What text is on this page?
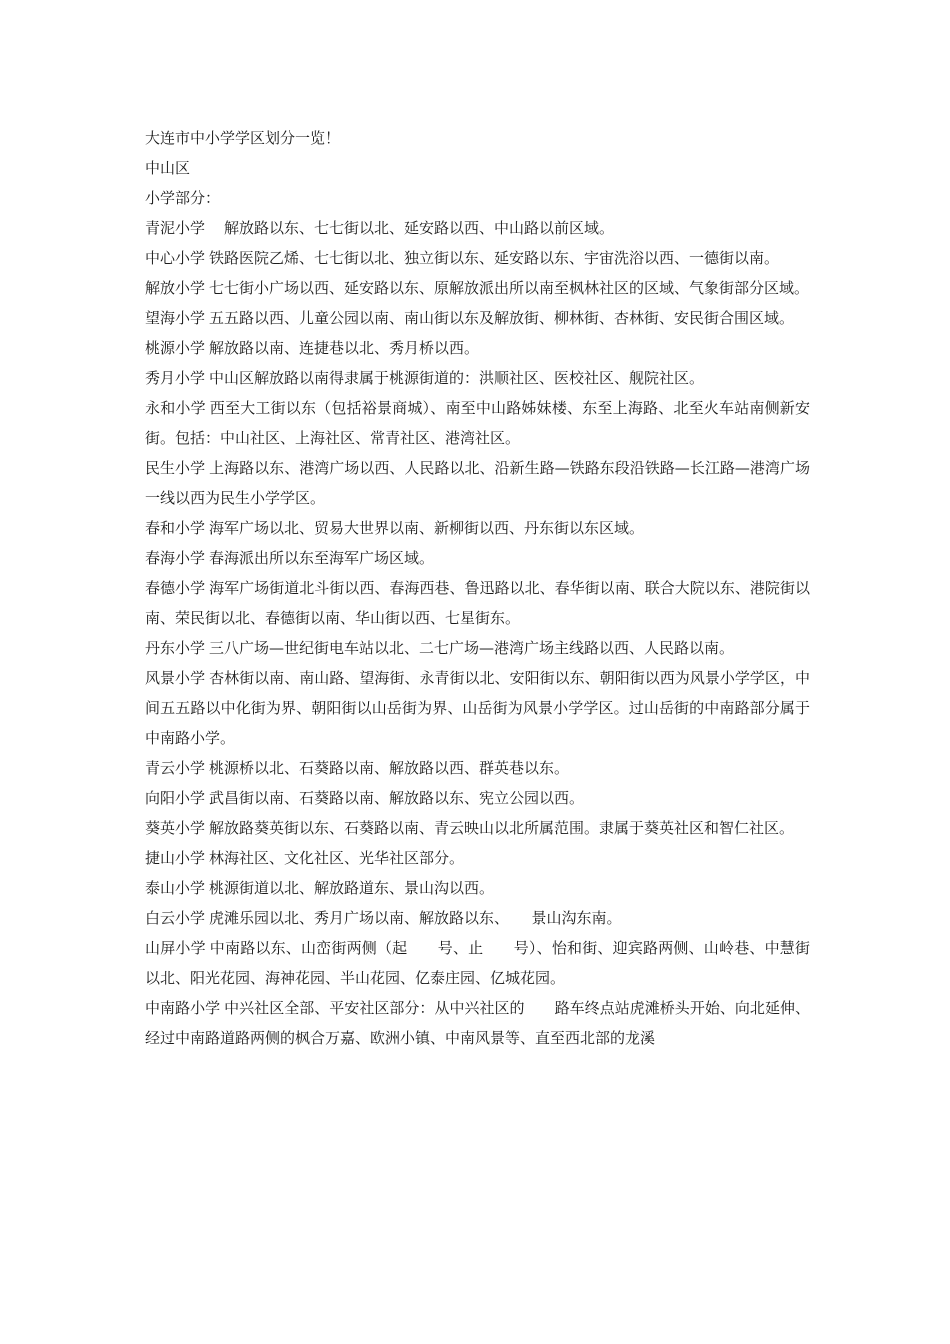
大连市中小学学区划分一览！

中山区

小学部分：

青泥小学　解放路以东、七七街以北、延安路以西、中山路以前区域。

中心小学 铁路医院乙烯、七七街以北、独立街以东、延安路以东、宇宙洗浴以西、一德街以南。

解放小学 七七街小广场以西、延安路以东、原解放派出所以南至枫林社区的区域、气象街部分区域。

望海小学 五五路以西、儿童公园以南、南山街以东及解放街、柳林街、杏林街、安民街合围区域。

桃源小学 解放路以南、连捷巷以北、秀月桥以西。

秀月小学 中山区解放路以南得隶属于桃源街道的：洪顺社区、医校社区、舰院社区。

永和小学 西至大工街以东（包括裕景商城）、南至中山路姊妹楼、东至上海路、北至火车站南侧新安街。包括：中山社区、上海社区、常青社区、港湾社区。

民生小学 上海路以东、港湾广场以西、人民路以北、沿新生路—铁路东段沿铁路—长江路—港湾广场一线以西为民生小学学区。

春和小学 海军广场以北、贸易大世界以南、新柳街以西、丹东街以东区域。

春海小学 春海派出所以东至海军广场区域。

春德小学 海军广场街道北斗街以西、春海西巷、鲁迅路以北、春华街以南、联合大院以东、港院街以南、荣民街以北、春德街以南、华山街以西、七星街东。

丹东小学 三八广场—世纪街电车站以北、二七广场—港湾广场主线路以西、人民路以南。

风景小学 杏林街以南、南山路、望海街、永青街以北、安阳街以东、朝阳街以西为风景小学学区，中间五五路以中化街为界、朝阳街以山岳街为界、山岳街为风景小学学区。过山岳街的中南路部分属于中南路小学。

青云小学 桃源桥以北、石葵路以南、解放路以西、群英巷以东。

向阳小学 武昌街以南、石葵路以南、解放路以东、宪立公园以西。

葵英小学 解放路葵英街以东、石葵路以南、青云映山以北所属范围。隶属于葵英社区和智仁社区。

捷山小学 林海社区、文化社区、光华社区部分。

泰山小学 桃源街道以北、解放路道东、景山沟以西。

白云小学 虎滩乐园以北、秀月广场以南、解放路以东、　　景山沟东南。

山屏小学 中南路以东、山峦街两侧（起　　号、止　　号）、怡和街、迎宾路两侧、山岭巷、中慧街以北、阳光花园、海神花园、半山花园、亿泰庄园、亿城花园。

中南路小学 中兴社区全部、平安社区部分：从中兴社区的　　路车终点站虎滩桥头开始、向北延伸、经过中南路道路两侧的枫合万嘉、欧洲小镇、中南风景等、直至西北部的龙溪
